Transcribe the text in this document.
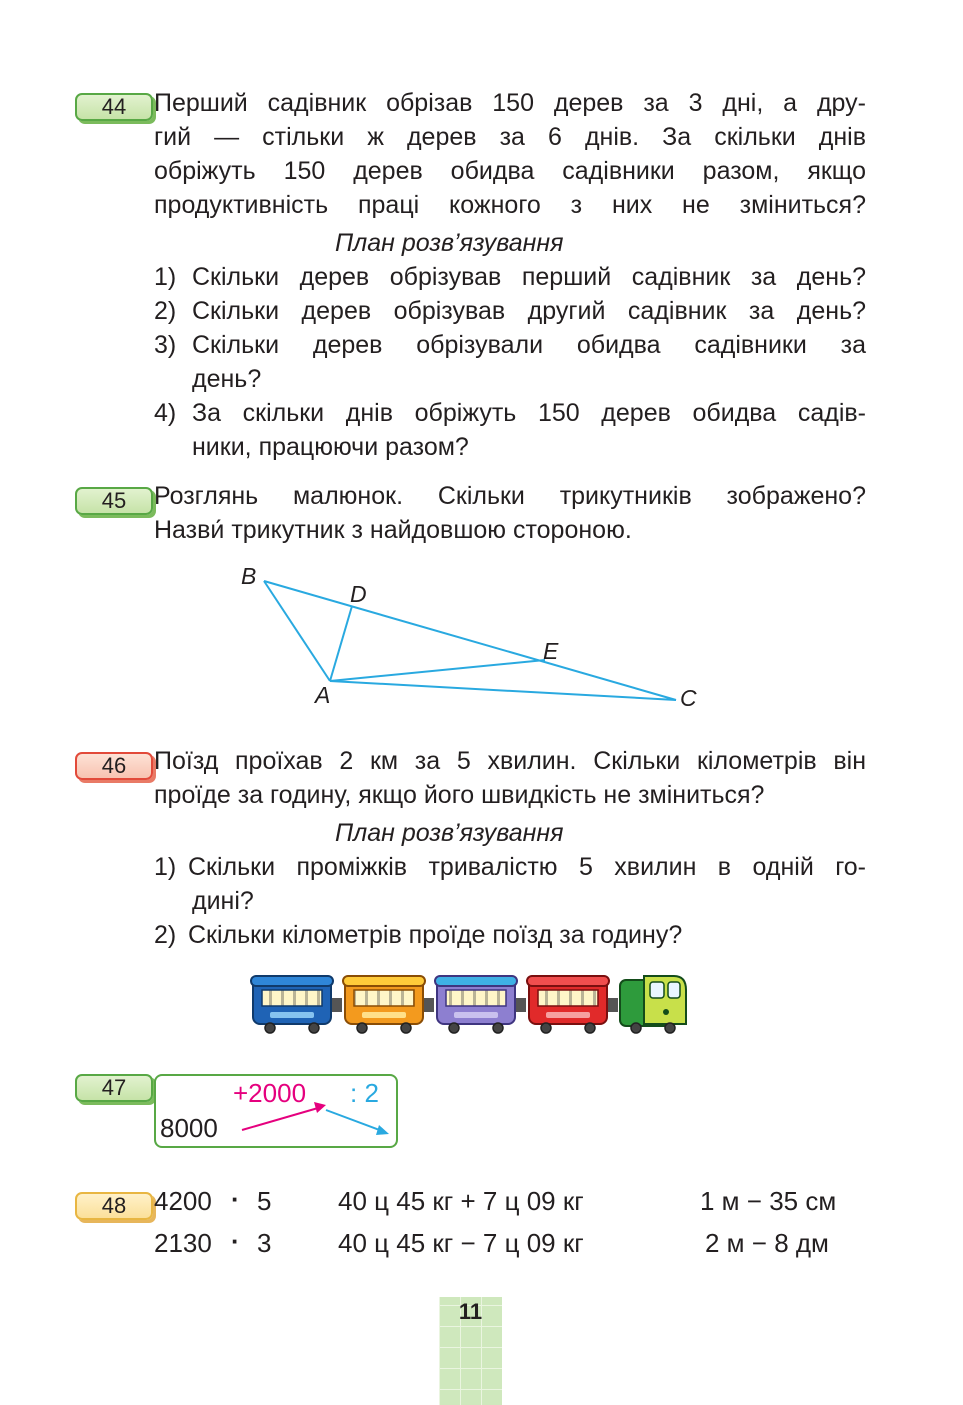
44	Перший садівник обрізав 150 дерев за 3 дні, а дру-
гий — стільки ж дерев за 6 днів. За скільки днів
обріжуть 150 дерев обидва садівники разом, якщо
продуктивність праці кожного з них не зміниться?
План розв’язування
1) Скільки дерев обрізував перший садівник за день?
2) Скільки дерев обрізував другий садівник за день?
3) Скільки дерев обрізували обидва садівники за
день?
4) За скільки днів обріжуть 150 дерев обидва садів-
ники, працюючи разом?
45	Розглянь малюнок. Скільки трикутників зображено?
Назви́ трикутник з найдовшою стороною.
B
D
E
A	C
46	Поїзд проїхав 2 км за 5 хвилин. Скільки кілометрів він
проїде за годину, якщо його швидкість не зміниться?
План розв’язування
1) Скільки проміжків тривалістю 5 хвилин в одній го-
дині?
2) Скільки кілометрів проїде поїзд за годину?
47
8000
+2000 : 2
48	4200 · 5	40 ц 45 кг + 7 ц 09 кг	1 м − 35 см
2130 · 3	40 ц 45 кг − 7 ц 09 кг	2 м − 8 дм
11
